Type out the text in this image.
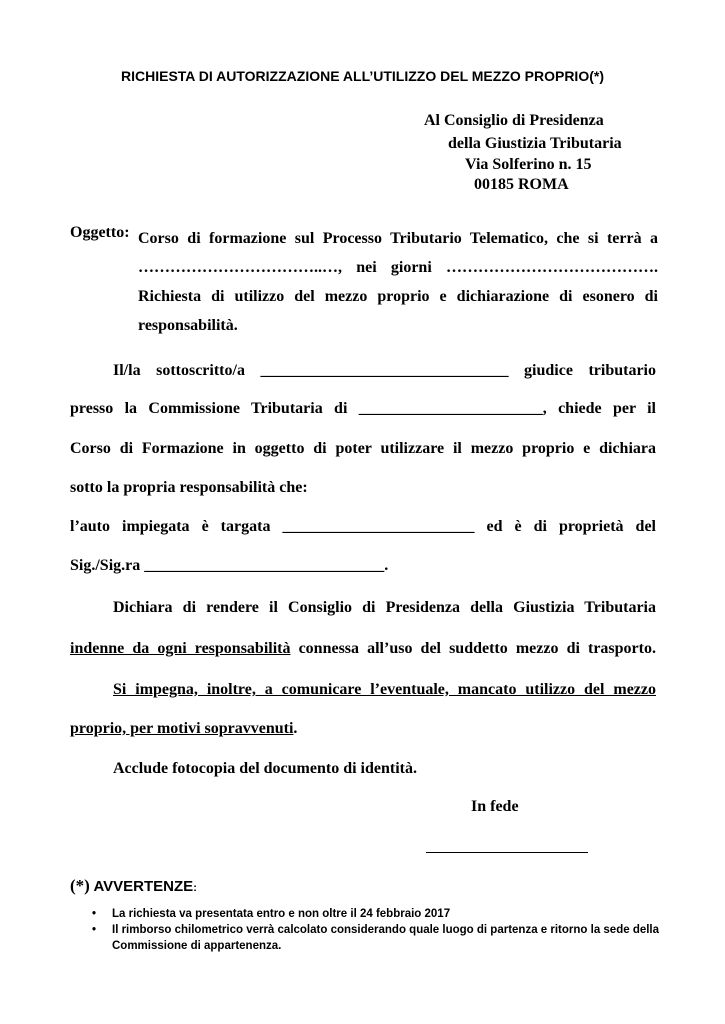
RICHIESTA DI AUTORIZZAZIONE ALL’UTILIZZO DEL MEZZO PROPRIO(*)
Al Consiglio di Presidenza
della Giustizia Tributaria
Via Solferino n. 15
00185 ROMA
Oggetto: Corso di formazione sul Processo Tributario Telematico, che si terrà a
……………………………..…, nei giorni ………………………………….
Richiesta di utilizzo del mezzo proprio e dichiarazione di esonero di
responsabilità.
Il/la sottoscritto/a _______________________________ giudice tributario
presso la Commissione Tributaria di _______________________, chiede per il
Corso di Formazione in oggetto di poter utilizzare il mezzo proprio e dichiara
sotto la propria responsabilità che:
l’auto impiegata è targata ________________________ ed è di proprietà del
Sig./Sig.ra ______________________________.
Dichiara di rendere il Consiglio di Presidenza della Giustizia Tributaria
indenne da ogni responsabilità connessa all’uso del suddetto mezzo di trasporto.
Si impegna, inoltre, a comunicare l’eventuale, mancato utilizzo del mezzo
proprio, per motivi sopravvenuti.
Acclude fotocopia del documento di identità.
In fede
(*) AVVERTENZE:
• La richiesta va presentata entro e non oltre il 24 febbraio 2017
• Il rimborso chilometrico verrà calcolato considerando quale luogo di partenza e ritorno la sede della Commissione di appartenenza.
